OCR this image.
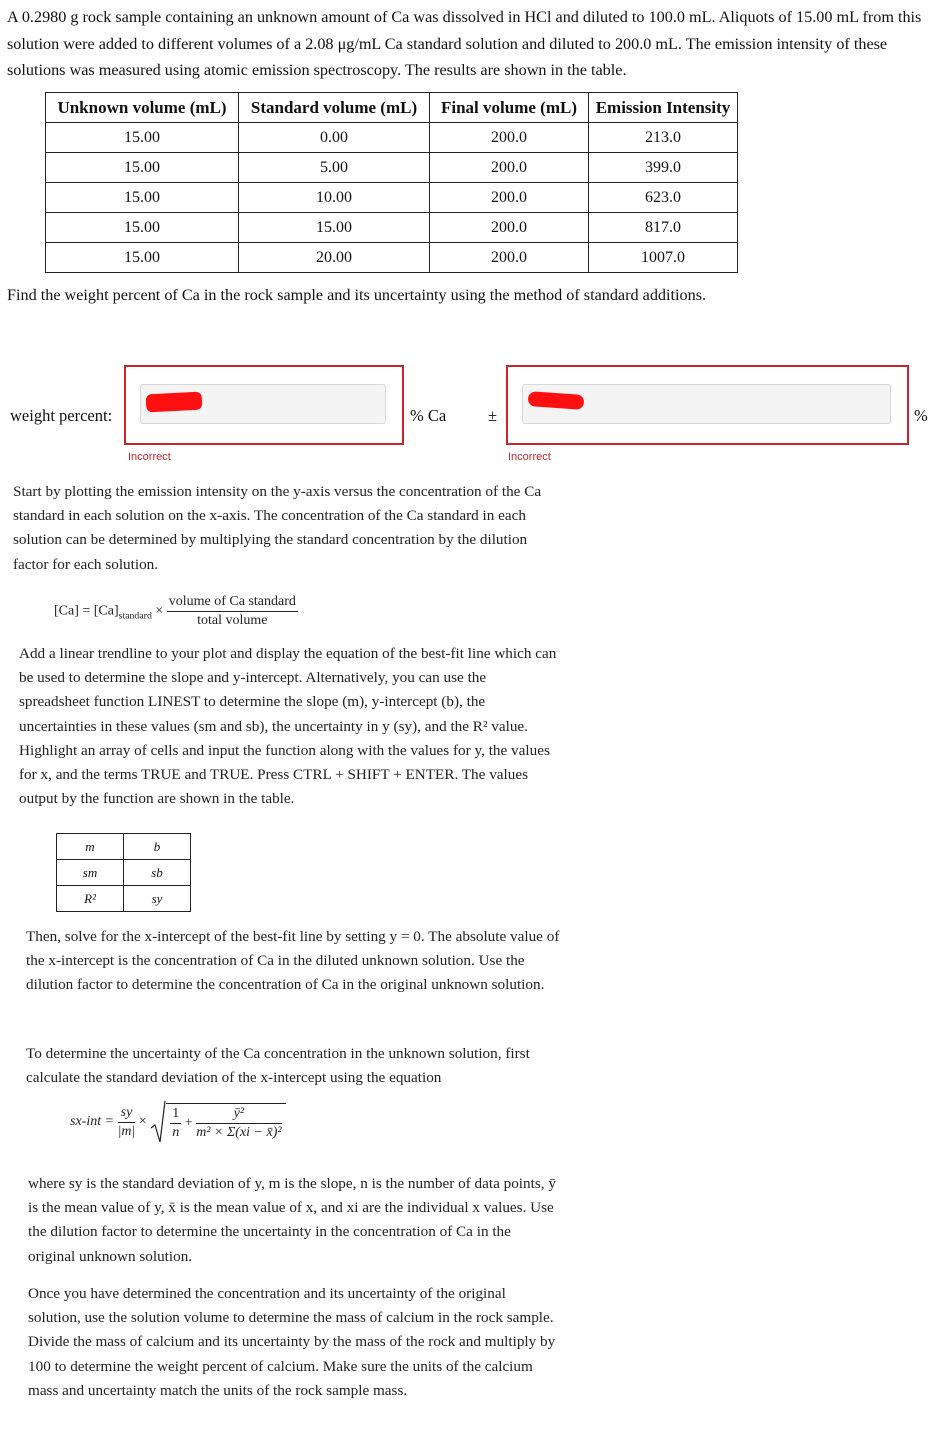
A 0.2980 g rock sample containing an unknown amount of Ca was dissolved in HCl and diluted to 100.0 mL. Aliquots of 15.00 mL from this solution were added to different volumes of a 2.08 μg/mL Ca standard solution and diluted to 200.0 mL. The emission intensity of these solutions was measured using atomic emission spectroscopy. The results are shown in the table.
Unknown volume (mL)	Standard volume (mL)	Final volume (mL)	Emission Intensity
15.00	0.00	200.0	213.0
15.00	5.00	200.0	399.0
15.00	10.00	200.0	623.0
15.00	15.00	200.0	817.0
15.00	20.00	200.0	1007.0
Find the weight percent of Ca in the rock sample and its uncertainty using the method of standard additions.
weight percent:
Incorrect
% Ca	±
Incorrect
%
Start by plotting the emission intensity on the y-axis versus the concentration of the Ca standard in each solution on the x-axis. The concentration of the Ca standard in each solution can be determined by multiplying the standard concentration by the dilution factor for each solution.
$[Ca] = [Ca]_{standard} \times \frac{\text{volume of Ca standard}}{\text{total volume}}$
Add a linear trendline to your plot and display the equation of the best-fit line which can be used to determine the slope and y-intercept. Alternatively, you can use the spreadsheet function LINEST to determine the slope (m), y-intercept (b), the uncertainties in these values (sm and sb), the uncertainty in y (sy), and the R² value. Highlight an array of cells and input the function along with the values for y, the values for x, and the terms TRUE and TRUE. Press CTRL + SHIFT + ENTER. The values output by the function are shown in the table.
m	b
sm	sb
R²	sy
Then, solve for the x-intercept of the best-fit line by setting y = 0. The absolute value of the x-intercept is the concentration of Ca in the diluted unknown solution. Use the dilution factor to determine the concentration of Ca in the original unknown solution.
To determine the uncertainty of the Ca concentration in the unknown solution, first calculate the standard deviation of the x-intercept using the equation
$sx-int = \frac{sy}{|m|} \times \frac{1}{n} + \frac{\text{ȳ²}}{\text{m² × Σ(xi − x̄)²}}$
where sy is the standard deviation of y, m is the slope, n is the number of data points, ȳ is the mean value of y, x̄ is the mean value of x, and xi are the individual x values. Use the dilution factor to determine the uncertainty in the concentration of Ca in the original unknown solution.
Once you have determined the concentration and its uncertainty of the original solution, use the solution volume to determine the mass of calcium in the rock sample. Divide the mass of calcium and its uncertainty by the mass of the rock and multiply by 100 to determine the weight percent of calcium. Make sure the units of the calcium mass and uncertainty match the units of the rock sample mass.
